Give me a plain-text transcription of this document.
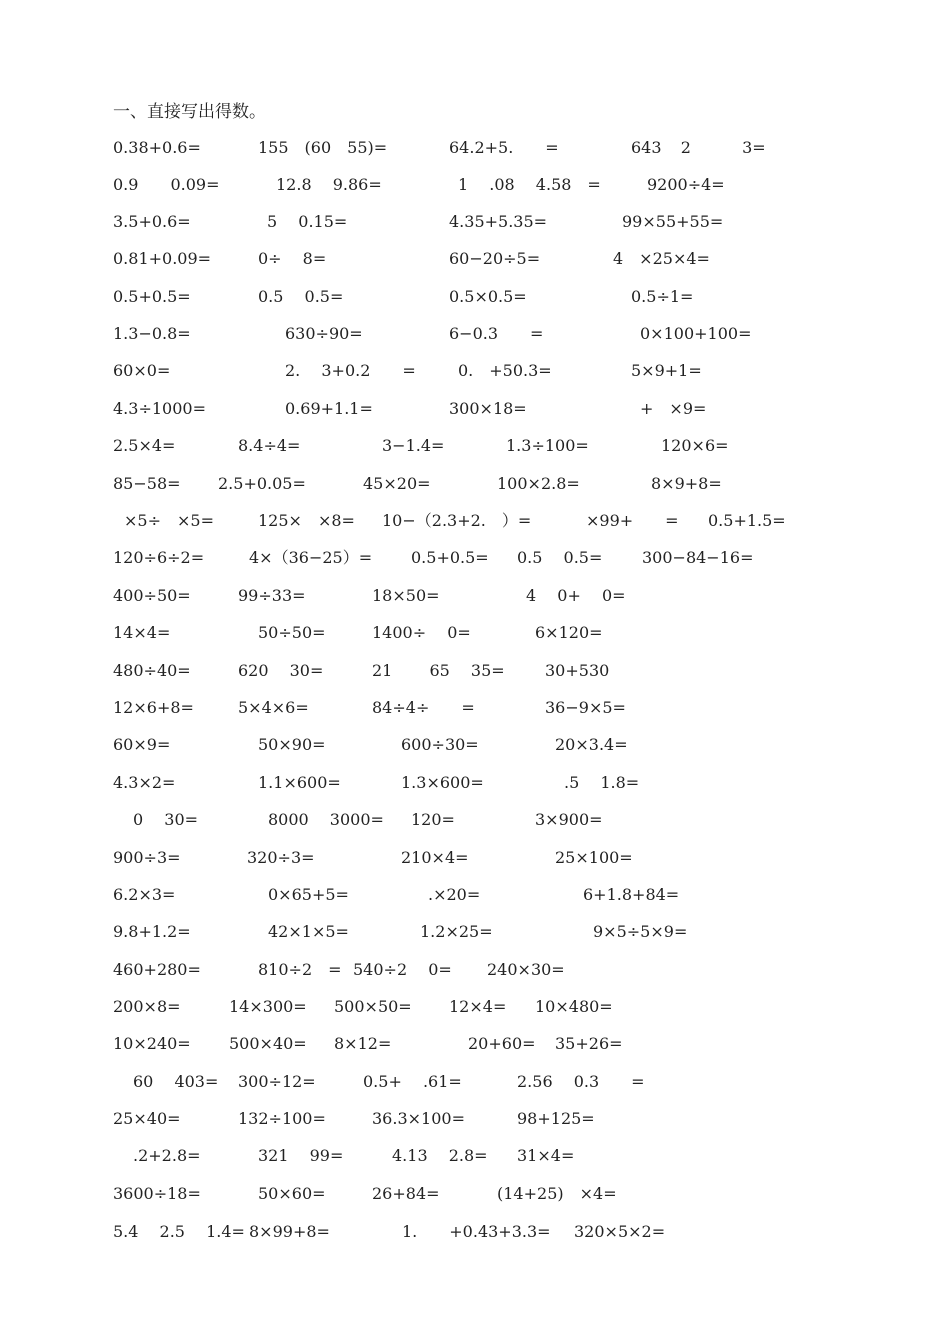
一、直接写出得数。
0.38+0.6=	155　(60　55)=	64.2+5.　　=	643　 2　　　 3=
0.9　　0.09=	12.8　 9.86=	1　 .08　 4.58　=	9200÷4=
3.5+0.6=	5　 0.15=	4.35+5.35=	99×55+55=
0.81+0.09=	0÷　 8=	60−20÷5=	4　×25×4=
0.5+0.5=	0.5　 0.5=	0.5×0.5=	0.5÷1=
1.3−0.8=	630÷90=	6−0.3　　=	0×100+100=
60×0=	2.　 3+0.2　　=	0.　+50.3=	5×9+1=
4.3÷1000=	0.69+1.1=	300×18=	+　×9=
2.5×4=	8.4÷4=	3−1.4=	1.3÷100=	120×6=
85−58= 2.5+0.05=	45×20=	100×2.8=	8×9+8=
×5÷　×5=	125×　×8= 10−（2.3+2.　）=	×99+　　= 0.5+1.5=
120÷6÷2=	4×（36−25）= 0.5+0.5= 0.5　 0.5= 300−84−16=
400÷50=	99÷33=	18×50=	4　 0+　 0=
14×4=	50÷50=	1400÷　 0=	6×120=
480÷40=	620　 30=	21　　 65　 35=	30+530
12×6+8=	5×4×6=	84÷4÷　　=	36−9×5=
60×9=	50×90=	600÷30=	20×3.4=
4.3×2=	1.1×600=	1.3×600=	.5　 1.8=
0　 30=	8000　 3000= 120=	3×900=
900÷3=	320÷3=	210×4=	25×100=
6.2×3=	0×65+5=	.×20=	6+1.8+84=
9.8+1.2=	42×1×5=	1.2×25=	9×5÷5×9=
460+280=	810÷2　= 540÷2　 0= 240×30=
200×8=	14×300= 500×50= 12×4= 10×480=
10×240= 500×40= 8×12=	20+60= 35+26=
60　 403= 300÷12=	0.5+　 .61=	2.56　 0.3　　=
25×40=	132÷100=	36.3×100=	98+125=
.2+2.8=	321　 99=	4.13　 2.8= 31×4=
3600÷18=	50×60=	26+84=	(14+25)　×4=
5.4　 2.5　 1.4= 8×99+8=	1.　　+0.43+3.3= 320×5×2=
